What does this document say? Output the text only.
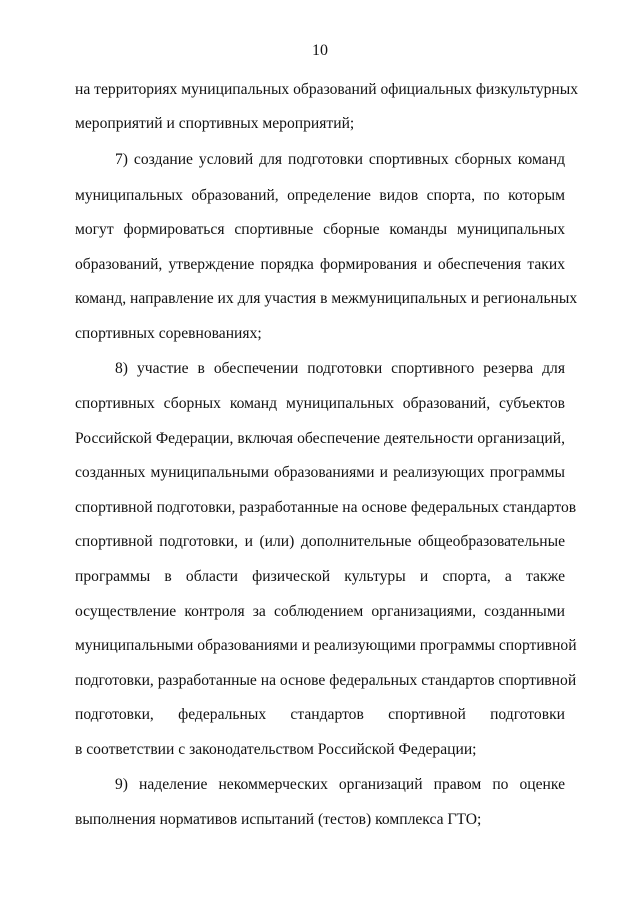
10
на территориях муниципальных образований официальных физкультурных
мероприятий и спортивных мероприятий;
7) создание условий для подготовки спортивных сборных команд
муниципальных образований, определение видов спорта, по которым
могут формироваться спортивные сборные команды муниципальных
образований, утверждение порядка формирования и обеспечения таких
команд, направление их для участия в межмуниципальных и региональных
спортивных соревнованиях;
8) участие в обеспечении подготовки спортивного резерва для
спортивных сборных команд муниципальных образований, субъектов
Российской Федерации, включая обеспечение деятельности организаций,
созданных муниципальными образованиями и реализующих программы
спортивной подготовки, разработанные на основе федеральных стандартов
спортивной подготовки, и (или) дополнительные общеобразовательные
программы в области физической культуры и спорта, а также
осуществление контроля за соблюдением организациями, созданными
муниципальными образованиями и реализующими программы спортивной
подготовки, разработанные на основе федеральных стандартов спортивной
подготовки, федеральных стандартов спортивной подготовки
в соответствии с законодательством Российской Федерации;
9) наделение некоммерческих организаций правом по оценке
выполнения нормативов испытаний (тестов) комплекса ГТО;
